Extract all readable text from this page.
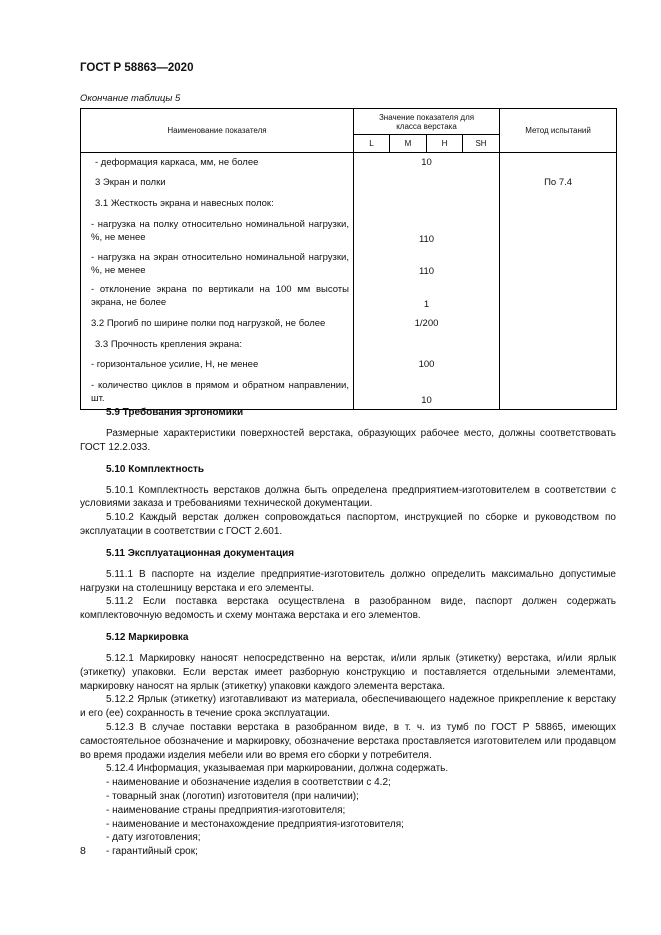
ГОСТ Р 58863—2020
Окончание таблицы 5
Наименование показателя	Значение показателя для класса верстака				Метод испытаний
	L	M	H	SH	
- деформация каркаса, мм, не более	10				
3 Экран и полки					По 7.4
3.1 Жесткость экрана и навесных полок:					
- нагрузка на полку относительно номинальной нагрузки, %, не менее	110				
- нагрузка на экран относительно номинальной нагрузки, %, не менее	110				
- отклонение экрана по вертикали на 100 мм высоты экрана, не более	1				
3.2 Прогиб по ширине полки под нагрузкой, не более	1/200				
3.3 Прочность крепления экрана:					
- горизонтальное усилие, Н, не менее	100				
- количество циклов в прямом и обратном направлении, шт.	10				
5.9 Требования эргономики

Размерные характеристики поверхностей верстака, образующих рабочее место, должны соответствовать ГОСТ 12.2.033.

5.10 Комплектность

5.10.1 Комплектность верстаков должна быть определена предприятием-изготовителем в соответствии с условиями заказа и требованиями технической документации.

5.10.2 Каждый верстак должен сопровождаться паспортом, инструкцией по сборке и руководством по эксплуатации в соответствии с ГОСТ 2.601.

5.11 Эксплуатационная документация

5.11.1 В паспорте на изделие предприятие-изготовитель должно определить максимально допустимые нагрузки на столешницу верстака и его элементы.

5.11.2 Если поставка верстака осуществлена в разобранном виде, паспорт должен содержать комплектовочную ведомость и схему монтажа верстака и его элементов.

5.12 Маркировка

5.12.1 Маркировку наносят непосредственно на верстак, и/или ярлык (этикетку) верстака, и/или ярлык (этикетку) упаковки. Если верстак имеет разборную конструкцию и поставляется отдельными элементами, маркировку наносят на ярлык (этикетку) упаковки каждого элемента верстака.

5.12.2 Ярлык (этикетку) изготавливают из материала, обеспечивающего надежное прикрепление к верстаку и его (ее) сохранность в течение срока эксплуатации.

5.12.3 В случае поставки верстака в разобранном виде, в т. ч. из тумб по ГОСТ Р 58865, имеющих самостоятельное обозначение и маркировку, обозначение верстака проставляется изготовителем или продавцом во время продажи изделия мебели или во время его сборки у потребителя.

5.12.4 Информация, указываемая при маркировании, должна содержать.

- наименование и обозначение изделия в соответствии с 4.2;
- товарный знак (логотип) изготовителя (при наличии);
- наименование страны предприятия-изготовителя;
- наименование и местонахождение предприятия-изготовителя;
- дату изготовления;
- гарантийный срок;
8
